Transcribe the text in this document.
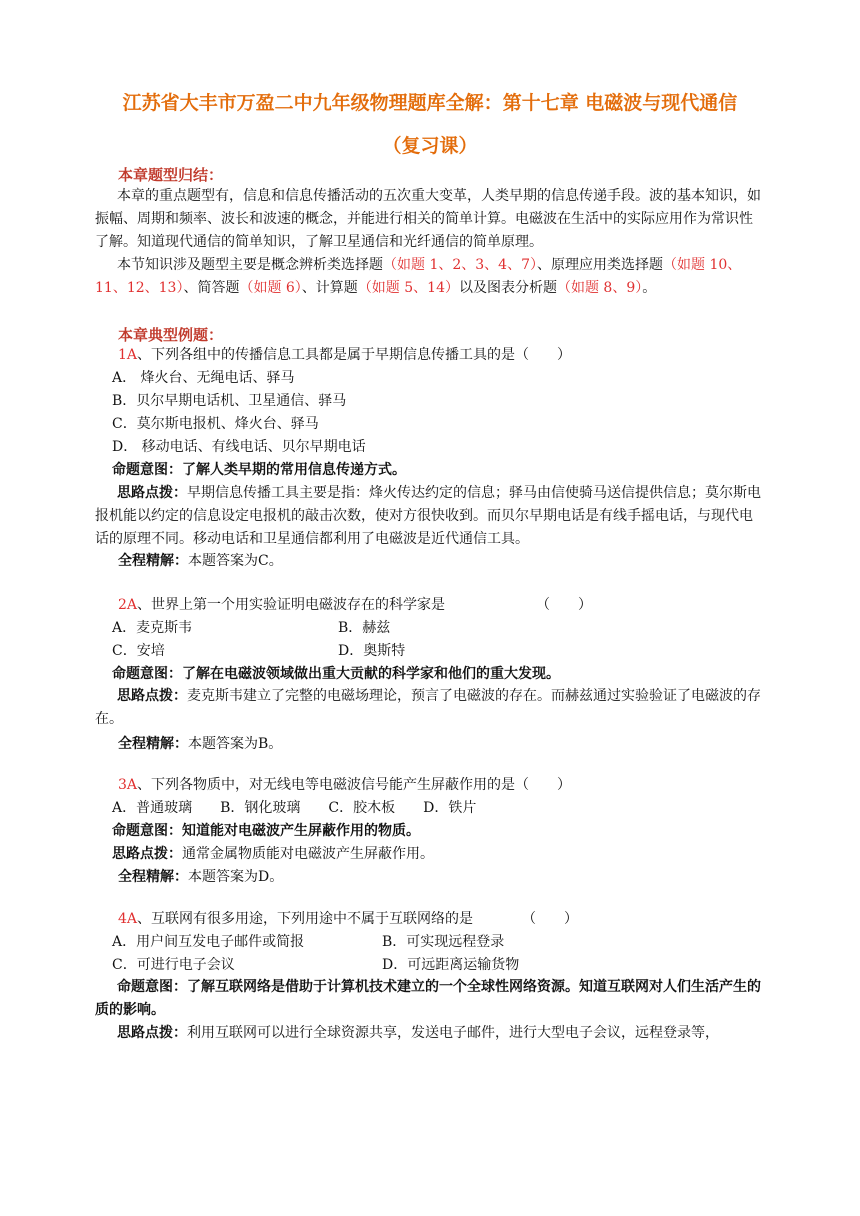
江苏省大丰市万盈二中九年级物理题库全解：第十七章 电磁波与现代通信
（复习课）
本章题型归结：

本章的重点题型有，信息和信息传播活动的五次重大变革，人类早期的信息传递手段。波的基本知识，如振幅、周期和频率、波长和波速的概念，并能进行相关的简单计算。电磁波在生活中的实际应用作为常识性了解。知道现代通信的简单知识，了解卫星通信和光纤通信的简单原理。

本节知识涉及题型主要是概念辨析类选择题（如题 1、2、3、4、7）、原理应用类选择题（如题 10、11、12、13）、简答题（如题 6）、计算题（如题 5、14）以及图表分析题（如题 8、9）。

本章典型例题：
1A、下列各组中的传播信息工具都是属于早期信息传播工具的是（　　）
A． 烽火台、无绳电话、驿马
B．贝尔早期电话机、卫星通信、驿马
C．莫尔斯电报机、烽火台、驿马
D． 移动电话、有线电话、贝尔早期电话
命题意图：了解人类早期的常用信息传递方式。

思路点拨：早期信息传播工具主要是指：烽火传达约定的信息；驿马由信使骑马送信提供信息；莫尔斯电报机能以约定的信息设定电报机的敲击次数，使对方很快收到。而贝尔早期电话是有线手摇电话，与现代电话的原理不同。移动电话和卫星通信都利用了电磁波是近代通信工具。

全程精解：本题答案为C。
2A、世界上第一个用实验证明电磁波存在的科学家是　　　　　　　（　　）
A．麦克斯韦	B．赫兹
C．安培	D．奥斯特
命题意图：了解在电磁波领域做出重大贡献的科学家和他们的重大发现。

思路点拨：麦克斯韦建立了完整的电磁场理论，预言了电磁波的存在。而赫兹通过实验验证了电磁波的存在。

全程精解：本题答案为B。
3A、下列各物质中，对无线电等电磁波信号能产生屏蔽作用的是（　　）
A．普通玻璃　　B．钢化玻璃　　C．胶木板　　D．铁片
命题意图：知道能对电磁波产生屏蔽作用的物质。
思路点拨：通常金属物质能对电磁波产生屏蔽作用。
全程精解：本题答案为D。
4A、互联网有很多用途，下列用途中不属于互联网络的是　　　　（　　）
A．用户间互发电子邮件或简报	B．可实现远程登录
C．可进行电子会议	D．可远距离运输货物

命题意图：了解互联网络是借助于计算机技术建立的一个全球性网络资源。知道互联网对人们生活产生的质的影响。

思路点拨：利用互联网可以进行全球资源共享，发送电子邮件，进行大型电子会议，远程登录等，
